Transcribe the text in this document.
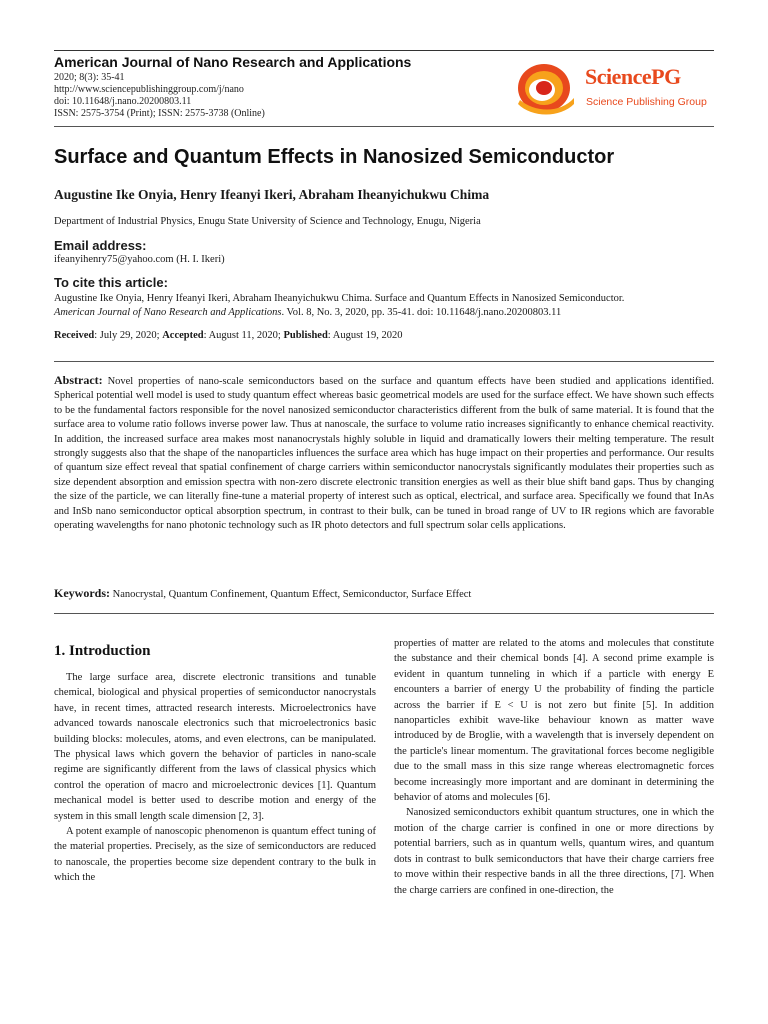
American Journal of Nano Research and Applications
2020; 8(3): 35-41
http://www.sciencepublishinggroup.com/j/nano
doi: 10.11648/j.nano.20200803.11
ISSN: 2575-3754 (Print); ISSN: 2575-3738 (Online)
SciencePG
Science Publishing Group
Surface and Quantum Effects in Nanosized Semiconductor
Augustine Ike Onyia, Henry Ifeanyi Ikeri, Abraham Iheanyichukwu Chima
Department of Industrial Physics, Enugu State University of Science and Technology, Enugu, Nigeria
Email address:
ifeanyihenry75@yahoo.com (H. I. Ikeri)
To cite this article:
Augustine Ike Onyia, Henry Ifeanyi Ikeri, Abraham Iheanyichukwu Chima. Surface and Quantum Effects in Nanosized Semiconductor.
American Journal of Nano Research and Applications. Vol. 8, No. 3, 2020, pp. 35-41. doi: 10.11648/j.nano.20200803.11
Received: July 29, 2020; Accepted: August 11, 2020; Published: August 19, 2020
Abstract: Novel properties of nano-scale semiconductors based on the surface and quantum effects have been studied and applications identified. Spherical potential well model is used to study quantum effect whereas basic geometrical models are used for the surface effect. We have shown such effects to be the fundamental factors responsible for the novel nanosized semiconductor characteristics different from the bulk of same material. It is found that the surface area to volume ratio follows inverse power law. Thus at nanoscale, the surface to volume ratio increases significantly to enhance chemical reactivity. In addition, the increased surface area makes most nananocrystals highly soluble in liquid and dramatically lowers their melting temperature. The result strongly suggests also that the shape of the nanoparticles influences the surface area which has huge impact on their properties and performance. Our results of quantum size effect reveal that spatial confinement of charge carriers within semiconductor nanocrystals significantly modulates their properties such as size dependent absorption and emission spectra with non-zero discrete electronic transition energies as well as their blue shift band gaps. Thus by changing the size of the particle, we can literally fine-tune a material property of interest such as optical, electrical, and surface area. Specifically we found that InAs and InSb nano semiconductor optical absorption spectrum, in contrast to their bulk, can be tuned in broad range of UV to IR regions which are favorable operating wavelengths for nano photonic technology such as IR photo detectors and full spectrum solar cells applications.
Keywords: Nanocrystal, Quantum Confinement, Quantum Effect, Semiconductor, Surface Effect
1. Introduction

The large surface area, discrete electronic transitions and tunable chemical, biological and physical properties of semiconductor nanocrystals have, in recent times, attracted research interests. Microelectronics have advanced towards nanoscale electronics such that microelectronics basic building blocks: molecules, atoms, and even electrons, can be manipulated. The physical laws which govern the behavior of particles in nano-scale regime are significantly different from the laws of classical physics which control the operation of macro and microelectronic devices [1]. Quantum mechanical model is better used to describe motion and energy of the system in this small length scale dimension [2, 3].

A potent example of nanoscopic phenomenon is quantum effect tuning of the material properties. Precisely, as the size of semiconductors are reduced to nanoscale, the properties become size dependent contrary to the bulk in which the

properties of matter are related to the atoms and molecules that constitute the substance and their chemical bonds [4]. A second prime example is evident in quantum tunneling in which if a particle with energy E encounters a barrier of energy U the probability of finding the particle across the barrier if E < U is not zero but finite [5]. In addition nanoparticles exhibit wave-like behaviour known as matter wave introduced by de Broglie, with a wavelength that is inversely dependent on the particle's linear momentum. The gravitational forces become negligible due to the small mass in this size range whereas electromagnetic forces become increasingly more important and are dominant in determining the behavior of atoms and molecules [6].

Nanosized semiconductors exhibit quantum structures, one in which the motion of the charge carrier is confined in one or more directions by potential barriers, such as in quantum wells, quantum wires, and quantum dots in contrast to bulk semiconductors that have their charge carriers free to move within their respective bands in all the three directions, [7]. When the charge carriers are confined in one-direction, the
